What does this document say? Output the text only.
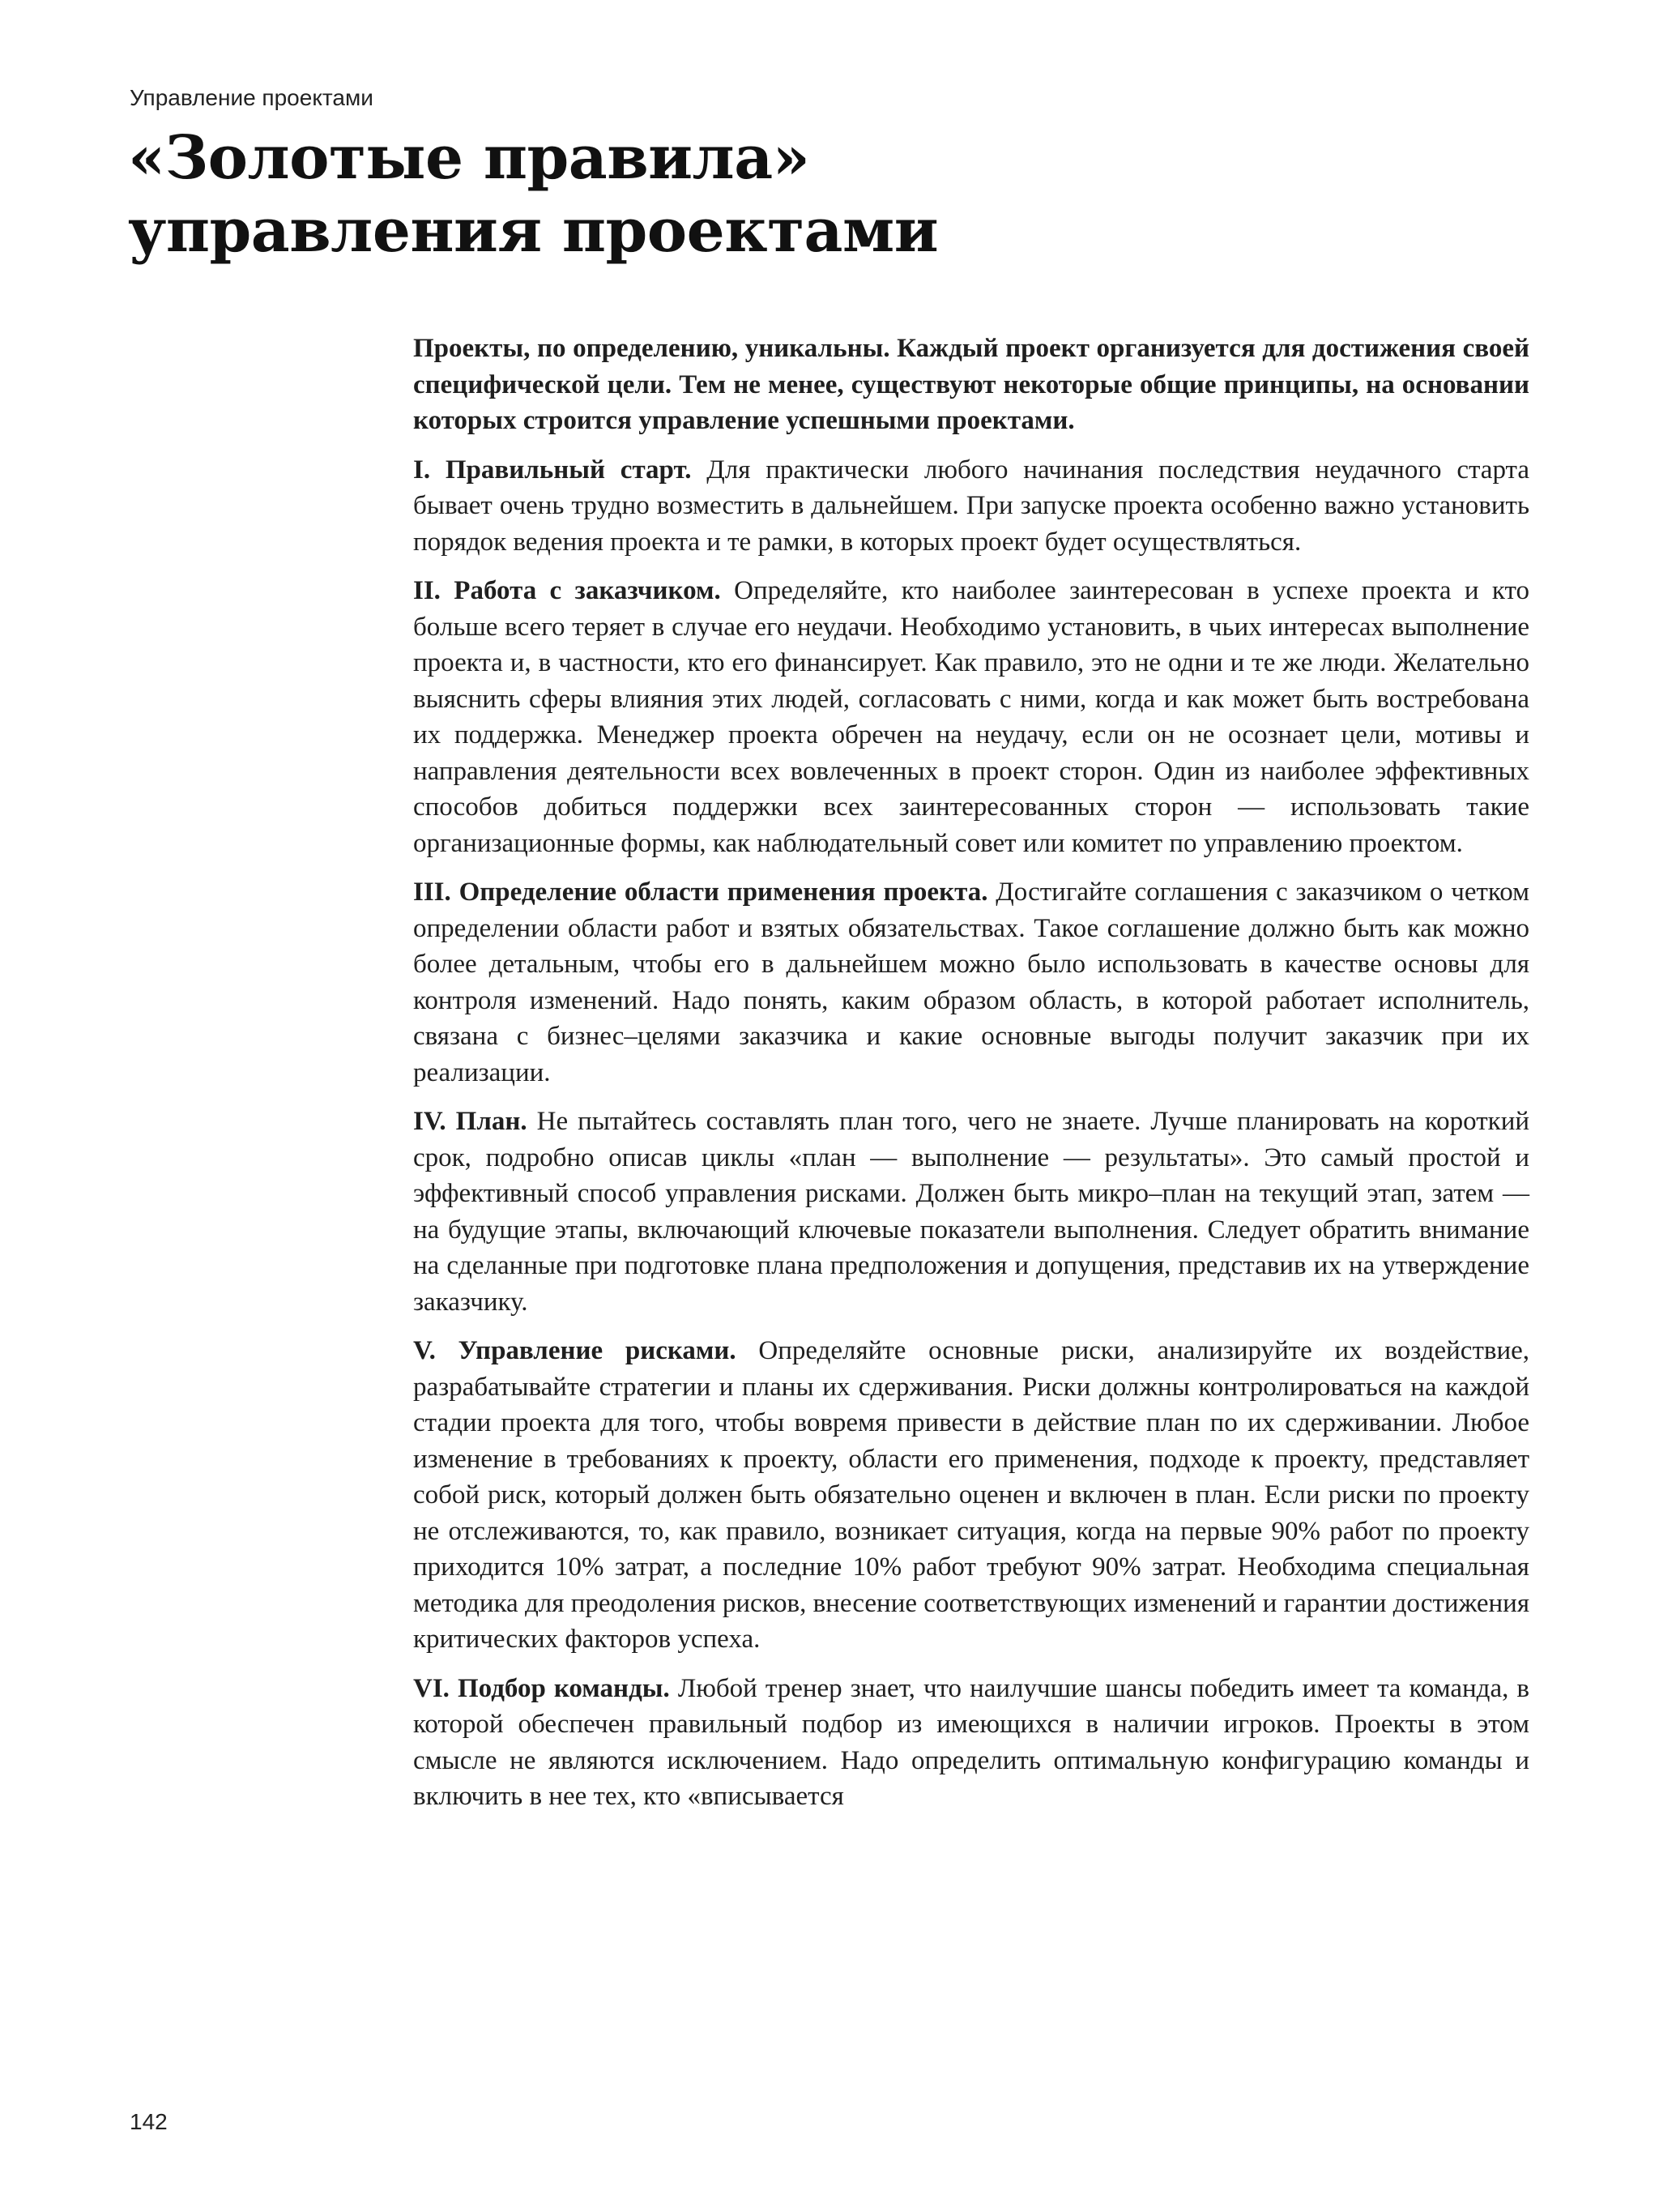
Управление проектами
«Золотые правила»
управления проектами

Проекты, по определению, уникальны. Каждый проект организуется для достижения своей специфической цели. Тем не менее, существуют некоторые общие принципы, на основании которых строится управление успешными проектами.

I. Правильный старт. Для практически любого начинания последствия неудачного старта бывает очень трудно возместить в дальнейшем. При запуске проекта особенно важно установить порядок ведения проекта и те рамки, в которых проект будет осуществляться.

II. Работа с заказчиком. Определяйте, кто наиболее заинтересован в успехе проекта и кто больше всего теряет в случае его неудачи. Необходимо установить, в чьих интересах выполнение проекта и, в частности, кто его финансирует. Как правило, это не одни и те же люди. Желательно выяснить сферы влияния этих людей, согласовать с ними, когда и как может быть востребована их поддержка. Менеджер проекта обречен на неудачу, если он не осознает цели, мотивы и направления деятельности всех вовлеченных в проект сторон. Один из наиболее эффективных способов добиться поддержки всех заинтересованных сторон — использовать такие организационные формы, как наблюдательный совет или комитет по управлению проектом.

III. Определение области применения проекта. Достигайте соглашения с заказчиком о четком определении области работ и взятых обязательствах. Такое соглашение должно быть как можно более детальным, чтобы его в дальнейшем можно было использовать в качестве основы для контроля изменений. Надо понять, каким образом область, в которой работает исполнитель, связана с бизнес–целями заказчика и какие основные выгоды получит заказчик при их реализации.

IV. План. Не пытайтесь составлять план того, чего не знаете. Лучше планировать на короткий срок, подробно описав циклы «план — выполнение — результаты». Это самый простой и эффективный способ управления рисками. Должен быть микро–план на текущий этап, затем — на будущие этапы, включающий ключевые показатели выполнения. Следует обратить внимание на сделанные при подготовке плана предположения и допущения, представив их на утверждение заказчику.

V. Управление рисками. Определяйте основные риски, анализируйте их воздействие, разрабатывайте стратегии и планы их сдерживания. Риски должны контролироваться на каждой стадии проекта для того, чтобы вовремя привести в действие план по их сдерживании. Любое изменение в требованиях к проекту, области его применения, подходе к проекту, представляет собой риск, который должен быть обязательно оценен и включен в план. Если риски по проекту не отслеживаются, то, как правило, возникает ситуация, когда на первые 90% работ по проекту приходится 10% затрат, а последние 10% работ требуют 90% затрат. Необходима специальная методика для преодоления рисков, внесение соответствующих изменений и гарантии достижения критических факторов успеха.

VI. Подбор команды. Любой тренер знает, что наилучшие шансы победить имеет та команда, в которой обеспечен правильный подбор из имеющихся в наличии игроков. Проекты в этом смысле не являются исключением. Надо определить оптимальную конфигурацию команды и включить в нее тех, кто «вписывается

142
